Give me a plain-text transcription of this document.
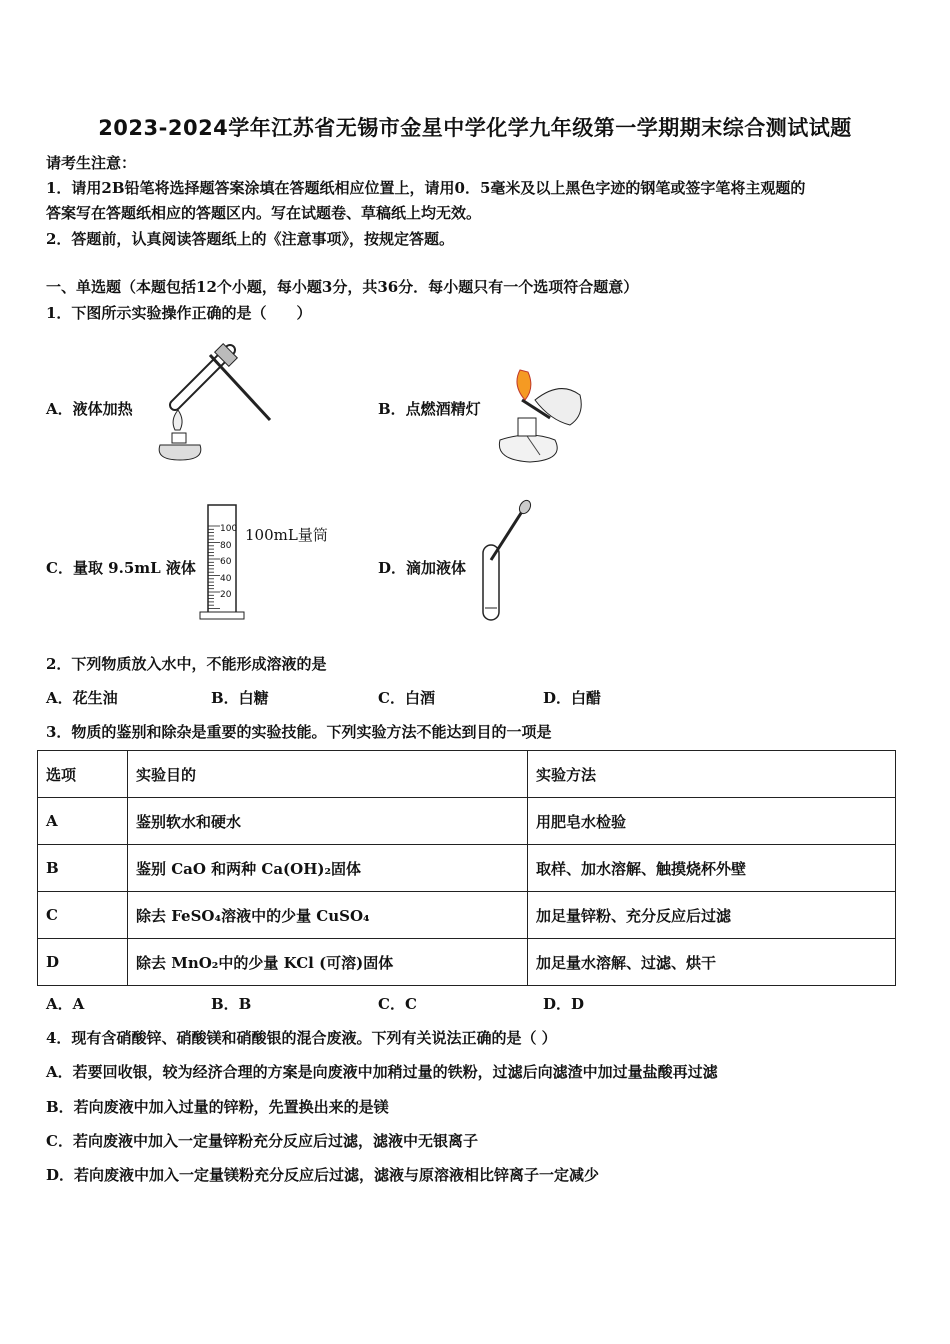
2023-2024学年江苏省无锡市金星中学化学九年级第一学期期末综合测试试题
请考生注意：
1．请用2B铅笔将选择题答案涂填在答题纸相应位置上，请用0．5毫米及以上黑色字迹的钢笔或签字笔将主观题的
答案写在答题纸相应的答题区内。写在试题卷、草稿纸上均无效。
2．答题前，认真阅读答题纸上的《注意事项》，按规定答题。
一、单选题（本题包括12个小题，每小题3分，共36分．每小题只有一个选项符合题意）
1．下图所示实验操作正确的是（　　）
A．液体加热	B．点燃酒精灯
C．量取 9.5mL 液体
100mL量筒
100
80
60
40
20
D．滴加液体
2．下列物质放入水中，不能形成溶液的是
A．花生油	B．白糖	C．白酒	D．白醋
3．物质的鉴别和除杂是重要的实验技能。下列实验方法不能达到目的一项是
选项	实验目的	实验方法
A	鉴别软水和硬水	用肥皂水检验
B	鉴别 CaO 和两种 Ca(OH)₂固体	取样、加水溶解、触摸烧杯外壁
C	除去 FeSO₄溶液中的少量 CuSO₄	加足量锌粉、充分反应后过滤
D	除去 MnO₂中的少量 KCl (可溶)固体	加足量水溶解、过滤、烘干
A．A	B．B	C．C	D．D
4．现有含硝酸锌、硝酸镁和硝酸银的混合废液。下列有关说法正确的是（ ）
A．若要回收银，较为经济合理的方案是向废液中加稍过量的铁粉，过滤后向滤渣中加过量盐酸再过滤
B．若向废液中加入过量的锌粉，先置换出来的是镁
C．若向废液中加入一定量锌粉充分反应后过滤，滤液中无银离子
D．若向废液中加入一定量镁粉充分反应后过滤，滤液与原溶液相比锌离子一定减少
